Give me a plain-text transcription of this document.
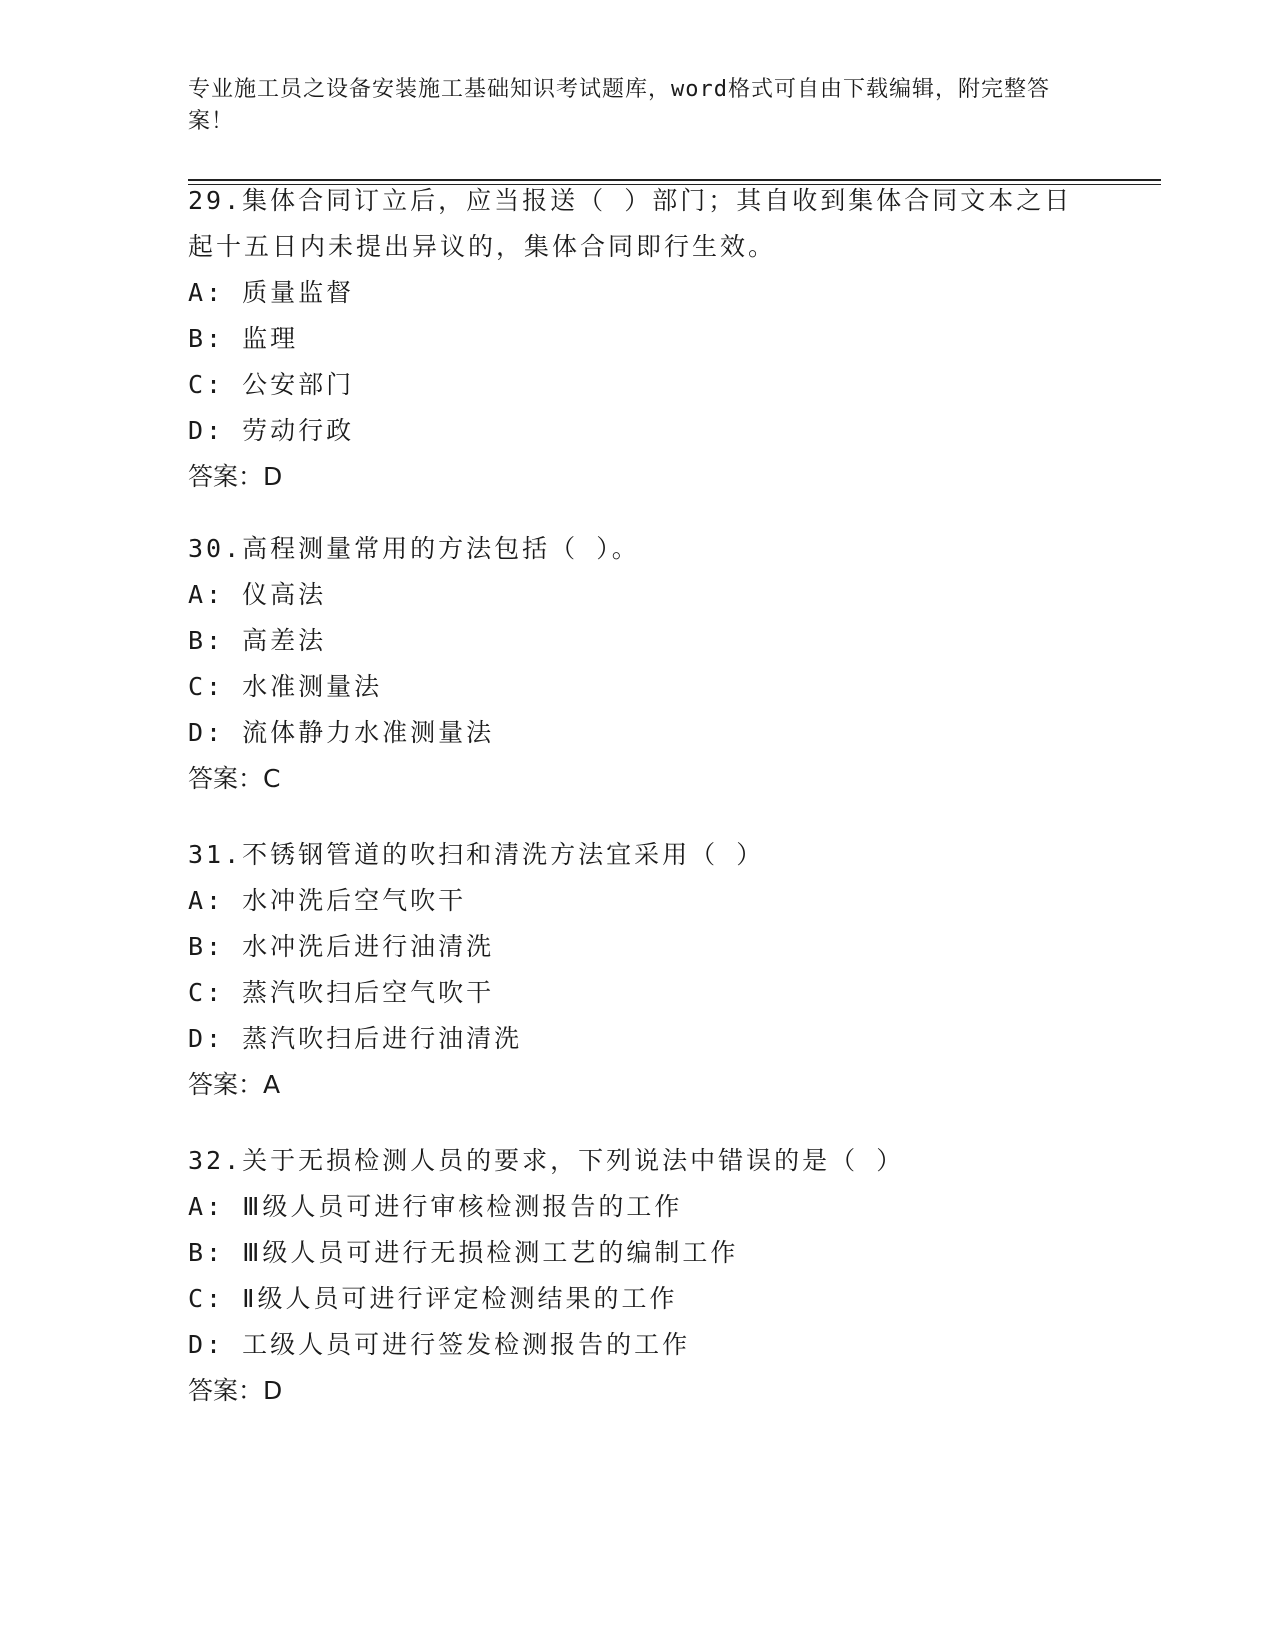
专业施工员之设备安装施工基础知识考试题库，word格式可自由下载编辑，附完整答案！

29.集体合同订立后，应当报送（ ）部门；其自收到集体合同文本之日起十五日内未提出异议的，集体合同即行生效。

A: 质量监督

B: 监理

C: 公安部门

D: 劳动行政

答案：D

30.高程测量常用的方法包括（ ）。

A: 仪高法

B: 高差法

C: 水准测量法

D: 流体静力水准测量法

答案：C

31.不锈钢管道的吹扫和清洗方法宜采用（ ）

A: 水冲洗后空气吹干

B: 水冲洗后进行油清洗

C: 蒸汽吹扫后空气吹干

D: 蒸汽吹扫后进行油清洗

答案：A

32.关于无损检测人员的要求，下列说法中错误的是（ ）

A: Ⅲ级人员可进行审核检测报告的工作

B: Ⅲ级人员可进行无损检测工艺的编制工作

C: Ⅱ级人员可进行评定检测结果的工作

D: 工级人员可进行签发检测报告的工作

答案：D
